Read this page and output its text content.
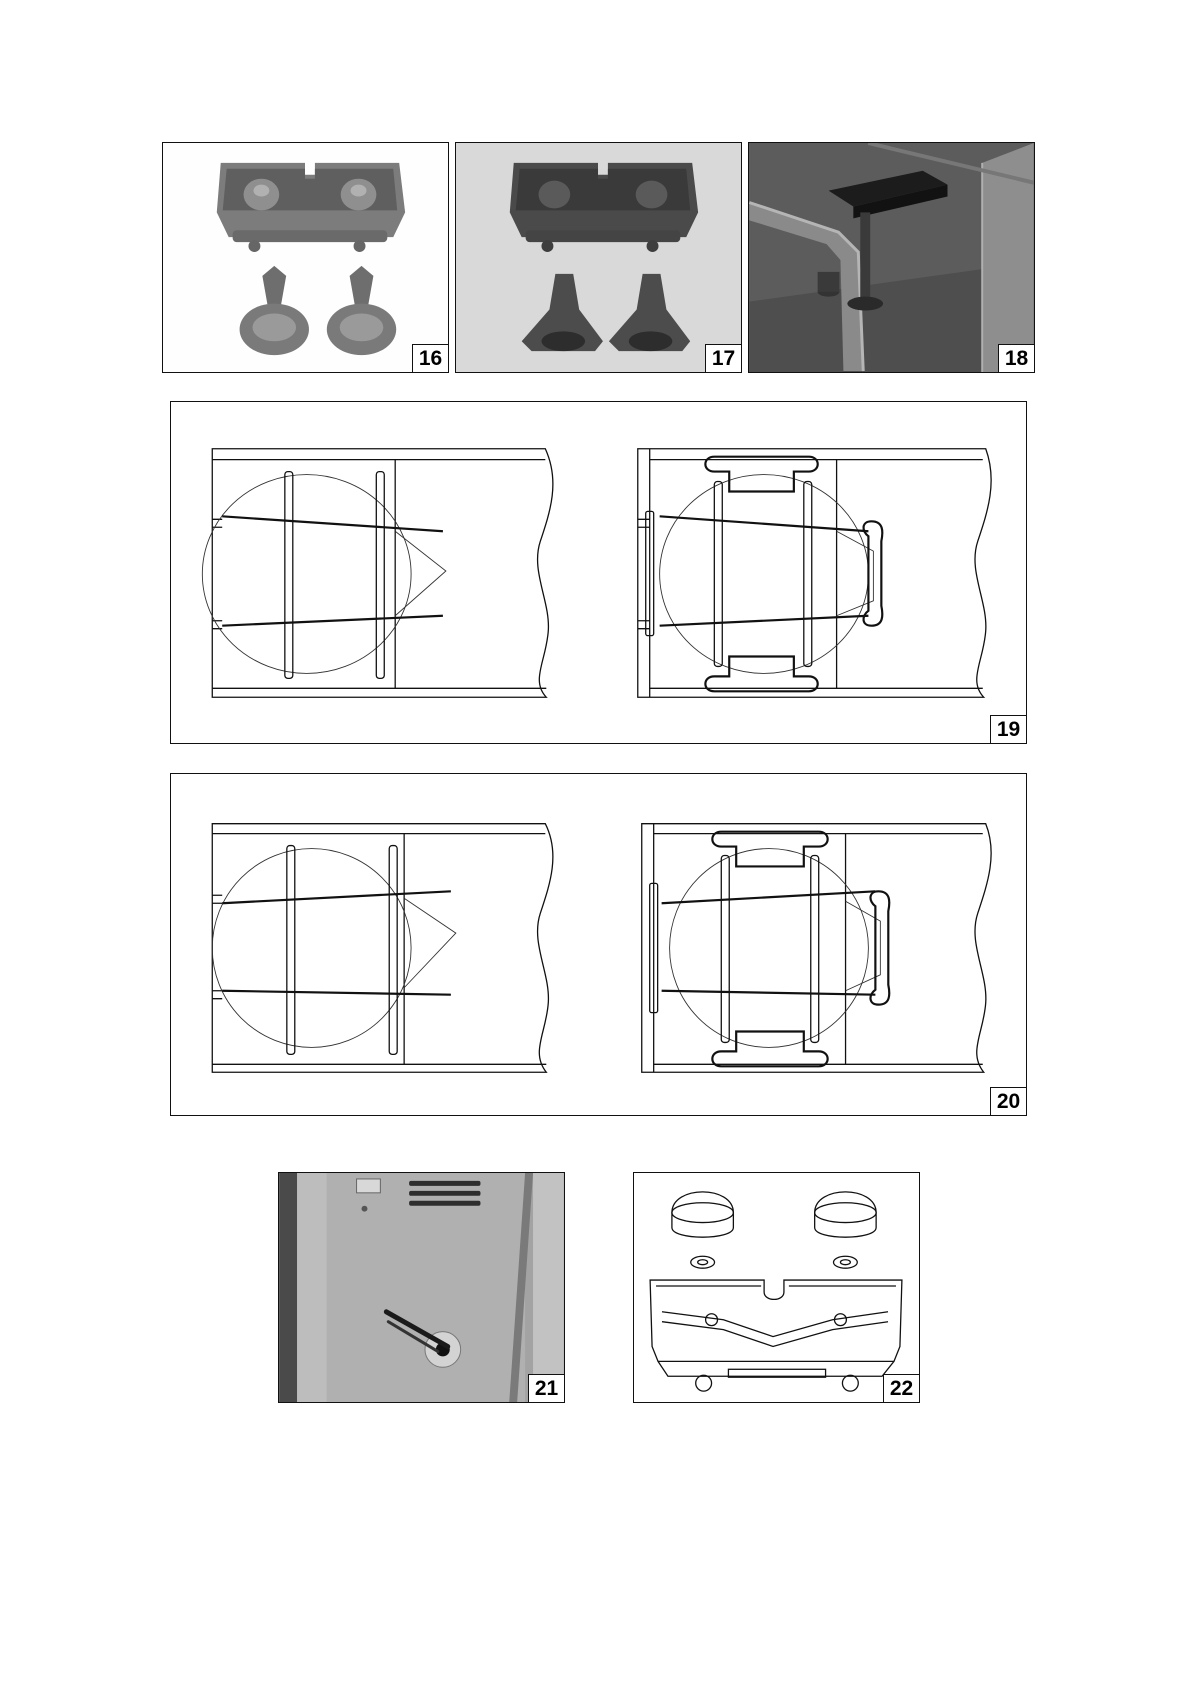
16	17	18
19
20
21	22
